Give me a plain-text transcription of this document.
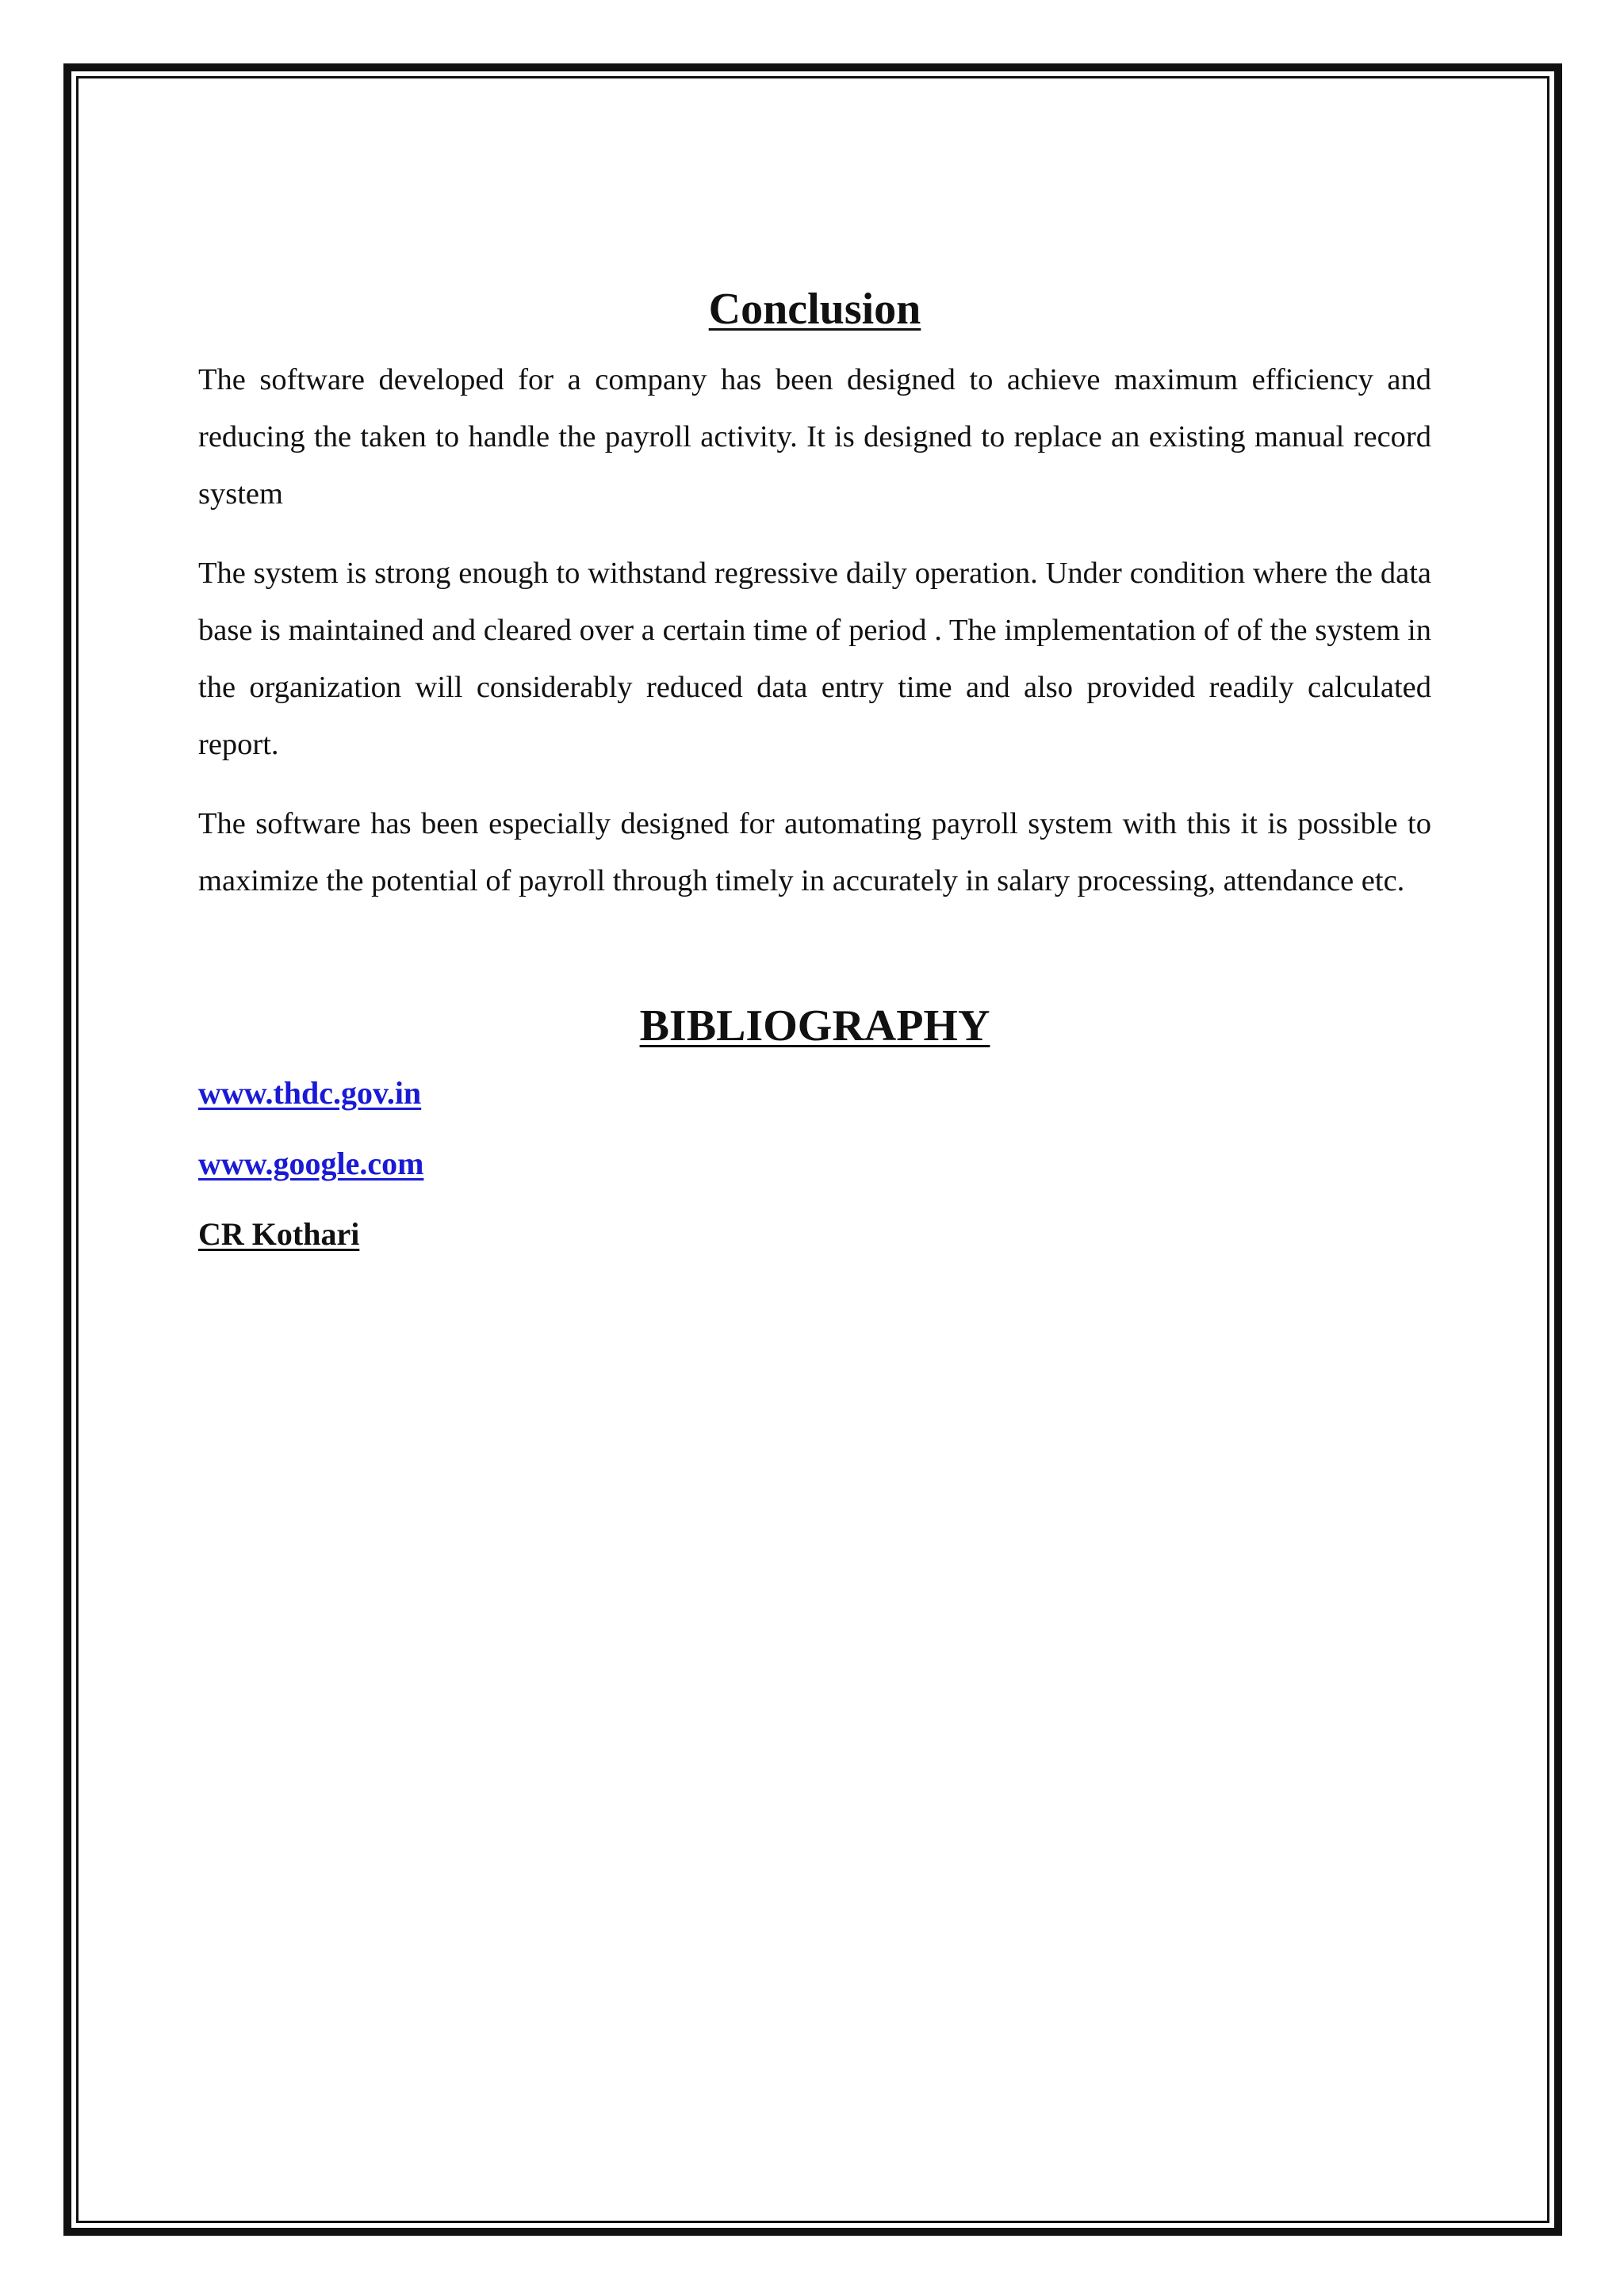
Conclusion

The software developed for a company has been designed to achieve maximum efficiency and reducing the taken to handle the payroll activity. It is designed to replace an existing manual record system

The system is strong enough to withstand regressive daily operation. Under condition where the data base is maintained and cleared over a certain time of period . The implementation of of the system in the organization will considerably reduced data entry time and also provided readily calculated report.

The software has been especially designed for automating payroll system with this it is possible to maximize the potential of payroll through timely in accurately in salary processing, attendance etc.

BIBLIOGRAPHY
www.thdc.gov.in
www.google.com
CR Kothari
